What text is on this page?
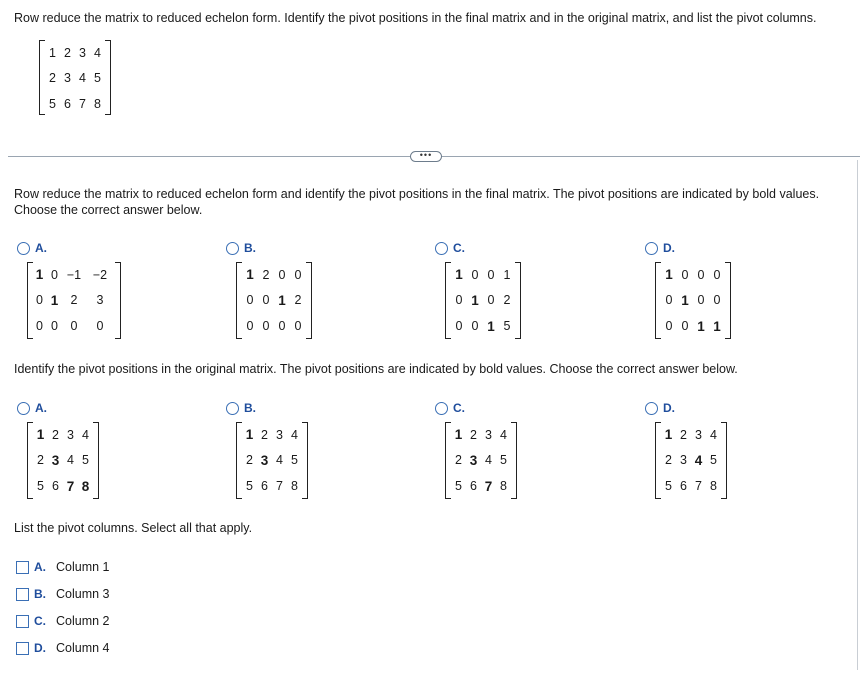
Row reduce the matrix to reduced echelon form. Identify the pivot positions in the final matrix and in the original matrix, and list the pivot columns.
1 2 3 4
2 3 4 5
5 6 7 8
•••
Row reduce the matrix to reduced echelon form and identify the pivot positions in the final matrix. The pivot positions are indicated by bold values.
Choose the correct answer below.
A.
1 0 −1 −2
0 1 2	3
0 0	0	0
B.
1 2 0 0
0 0 1 2
0 0 0 0
C.
1 0 0 1
0 1 0 2
0 0 1 5
D.
1 0 0 0
0 1 0 0
0 0 1 1
Identify the pivot positions in the original matrix. The pivot positions are indicated by bold values. Choose the correct answer below.
A.
1 2 3 4
2 3 4 5
5 6 7 8
B.
1 2 3 4
2 3 4 5
5 6 7 8
C.
1 2 3 4
2 3 4 5
5 6 7 8
D.
1 2 3 4
2 3 4 5
5 6 7 8
List the pivot columns. Select all that apply.
A. Column 1
B. Column 3
C. Column 2
D. Column 4
